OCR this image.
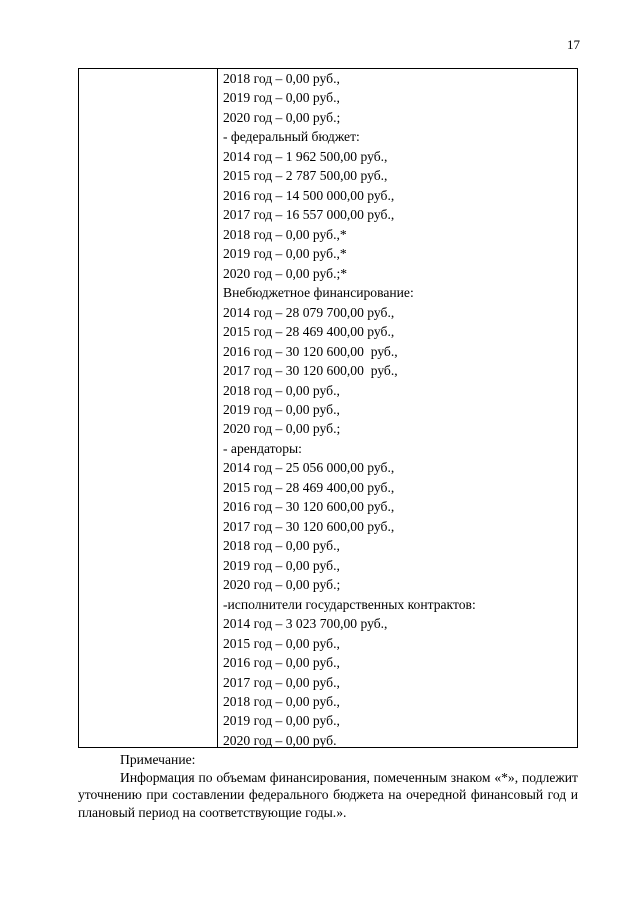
17
2018 год – 0,00 руб.,
2019 год – 0,00 руб.,
2020 год – 0,00 руб.;
- федеральный бюджет:
2014 год – 1 962 500,00 руб.,
2015 год – 2 787 500,00 руб.,
2016 год – 14 500 000,00 руб.,
2017 год – 16 557 000,00 руб.,
2018 год – 0,00 руб.,*
2019 год – 0,00 руб.,*
2020 год – 0,00 руб.;*
Внебюджетное финансирование:
2014 год – 28 079 700,00 руб.,
2015 год – 28 469 400,00 руб.,
2016 год – 30 120 600,00  руб.,
2017 год – 30 120 600,00  руб.,
2018 год – 0,00 руб.,
2019 год – 0,00 руб.,
2020 год – 0,00 руб.;
- арендаторы:
2014 год – 25 056 000,00 руб.,
2015 год – 28 469 400,00 руб.,
2016 год – 30 120 600,00 руб.,
2017 год – 30 120 600,00 руб.,
2018 год – 0,00 руб.,
2019 год – 0,00 руб.,
2020 год – 0,00 руб.;
-исполнители государственных контрактов:
2014 год – 3 023 700,00 руб.,
2015 год – 0,00 руб.,
2016 год – 0,00 руб.,
2017 год – 0,00 руб.,
2018 год – 0,00 руб.,
2019 год – 0,00 руб.,
2020 год – 0,00 руб.

Примечание:

Информация по объемам финансирования, помеченным знаком «*», подлежит уточнению при составлении федерального бюджета на очередной финансовый год и плановый период на соответствующие годы.».
